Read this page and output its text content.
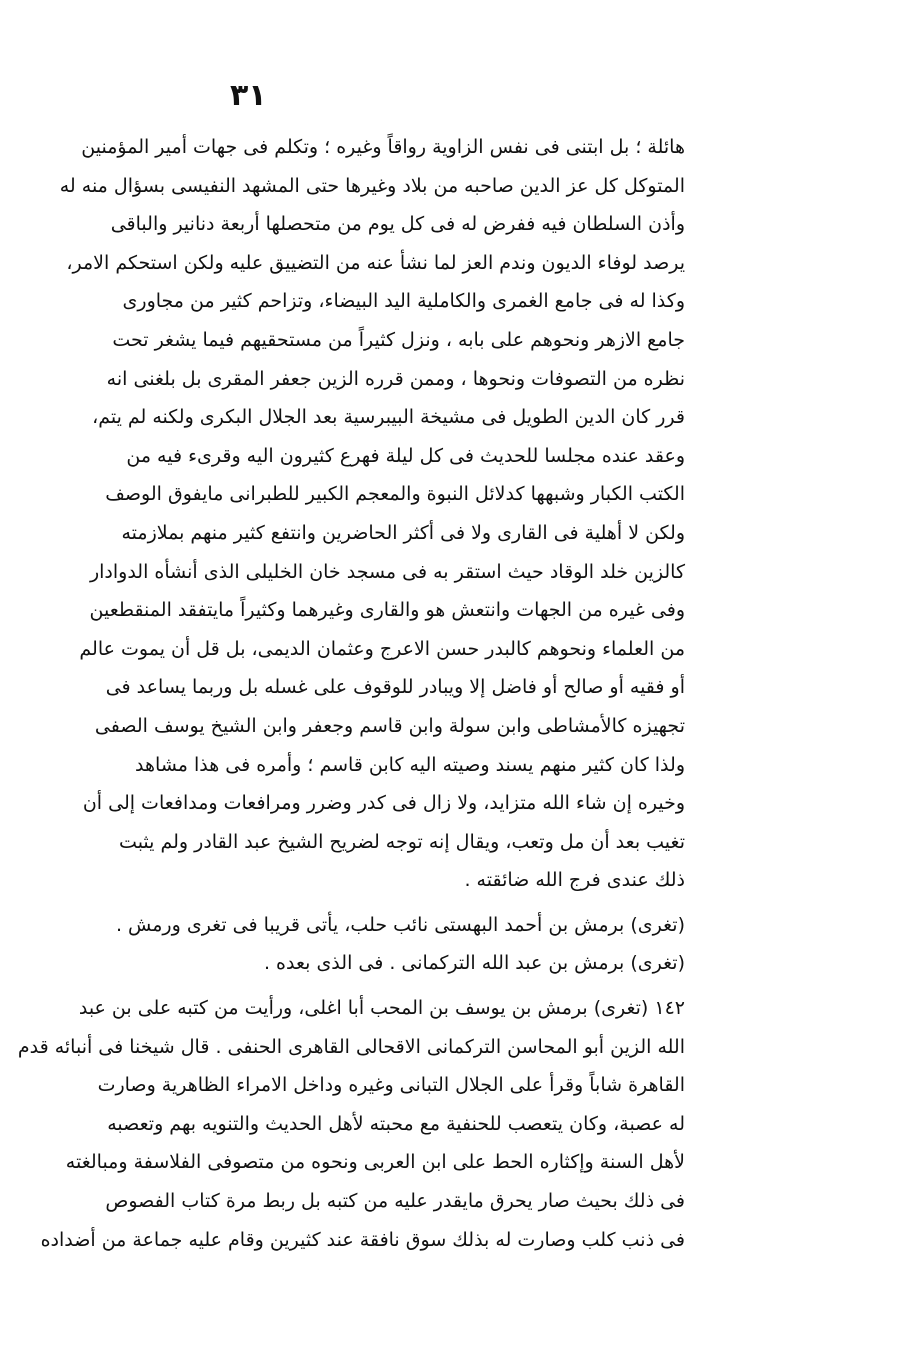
٣١
هائلة ؛ بل ابتنى فى نفس الزاوية رواقاً وغيره ؛ وتكلم فى جهات أمير المؤمنين
المتوكل كل عز الدين صاحبه من بلاد وغيرها حتى المشهد النفيسى بسؤال منه له
وأذن السلطان فيه ففرض له فى كل يوم من متحصلها أربعة دنانير والباقى
يرصد لوفاء الديون وندم العز لما نشأ عنه من التضييق عليه ولكن استحكم الامر،
وكذا له فى جامع الغمرى والكاملية اليد البيضاء، وتزاحم كثير من مجاورى
جامع الازهر ونحوهم على بابه ، ونزل كثيراً من مستحقيهم فيما يشغر تحت
نظره من التصوفات ونحوها ، وممن قرره الزين جعفر المقرى بل بلغنى انه
قرر كان الدين الطويل فى مشيخة البيبرسية بعد الجلال البكرى ولكنه لم يتم،
وعقد عنده مجلسا للحديث فى كل ليلة فهرع كثيرون اليه وقرىء فيه من
الكتب الكبار وشبهها كدلائل النبوة والمعجم الكبير للطبرانى مايفوق الوصف
ولكن لا أهلية فى القارى ولا فى أكثر الحاضرين وانتفع كثير منهم بملازمته
كالزين خلد الوقاد حيث استقر به فى مسجد خان الخليلى الذى أنشأه الدوادار
وفى غيره من الجهات وانتعش هو والقارى وغيرهما وكثيراً مايتفقد المنقطعين
من العلماء ونحوهم كالبدر حسن الاعرج وعثمان الديمى، بل قل أن يموت عالم
أو فقيه أو صالح أو فاضل إلا ويبادر للوقوف على غسله بل وربما يساعد فى
تجهيزه كالأمشاطى وابن سولة وابن قاسم وجعفر وابن الشيخ يوسف الصفى
ولذا كان كثير منهم يسند وصيته اليه كابن قاسم ؛ وأمره فى هذا مشاهد
وخيره إن شاء الله متزايد، ولا زال فى كدر وضرر ومرافعات ومدافعات إلى أن
تغيب بعد أن مل وتعب، ويقال إنه توجه لضريح الشيخ عبد القادر ولم يثبت
ذلك عندى فرج الله ضائقته .
(تغرى) برمش بن أحمد البهستى نائب حلب، يأتى قريبا فى تغرى ورمش .
(تغرى) برمش بن عبد الله التركمانى . فى الذى بعده .
١٤٢ (تغرى) برمش بن يوسف بن المحب أبا اغلى، ورأيت من كتبه على بن عبد
الله الزين أبو المحاسن التركمانى الاقحالى القاهرى الحنفى . قال شيخنا فى أنبائه قدم
القاهرة شاباً وقرأ على الجلال التبانى وغيره وداخل الامراء الظاهرية وصارت
له عصبة، وكان يتعصب للحنفية مع محبته لأهل الحديث والتنويه بهم وتعصبه
لأهل السنة وإكثاره الحط على ابن العربى ونحوه من متصوفى الفلاسفة ومبالغته
فى ذلك بحيث صار يحرق مايقدر عليه من كتبه بل ربط مرة كتاب الفصوص
فى ذنب كلب وصارت له بذلك سوق نافقة عند كثيرين وقام عليه جماعة من أضداده
